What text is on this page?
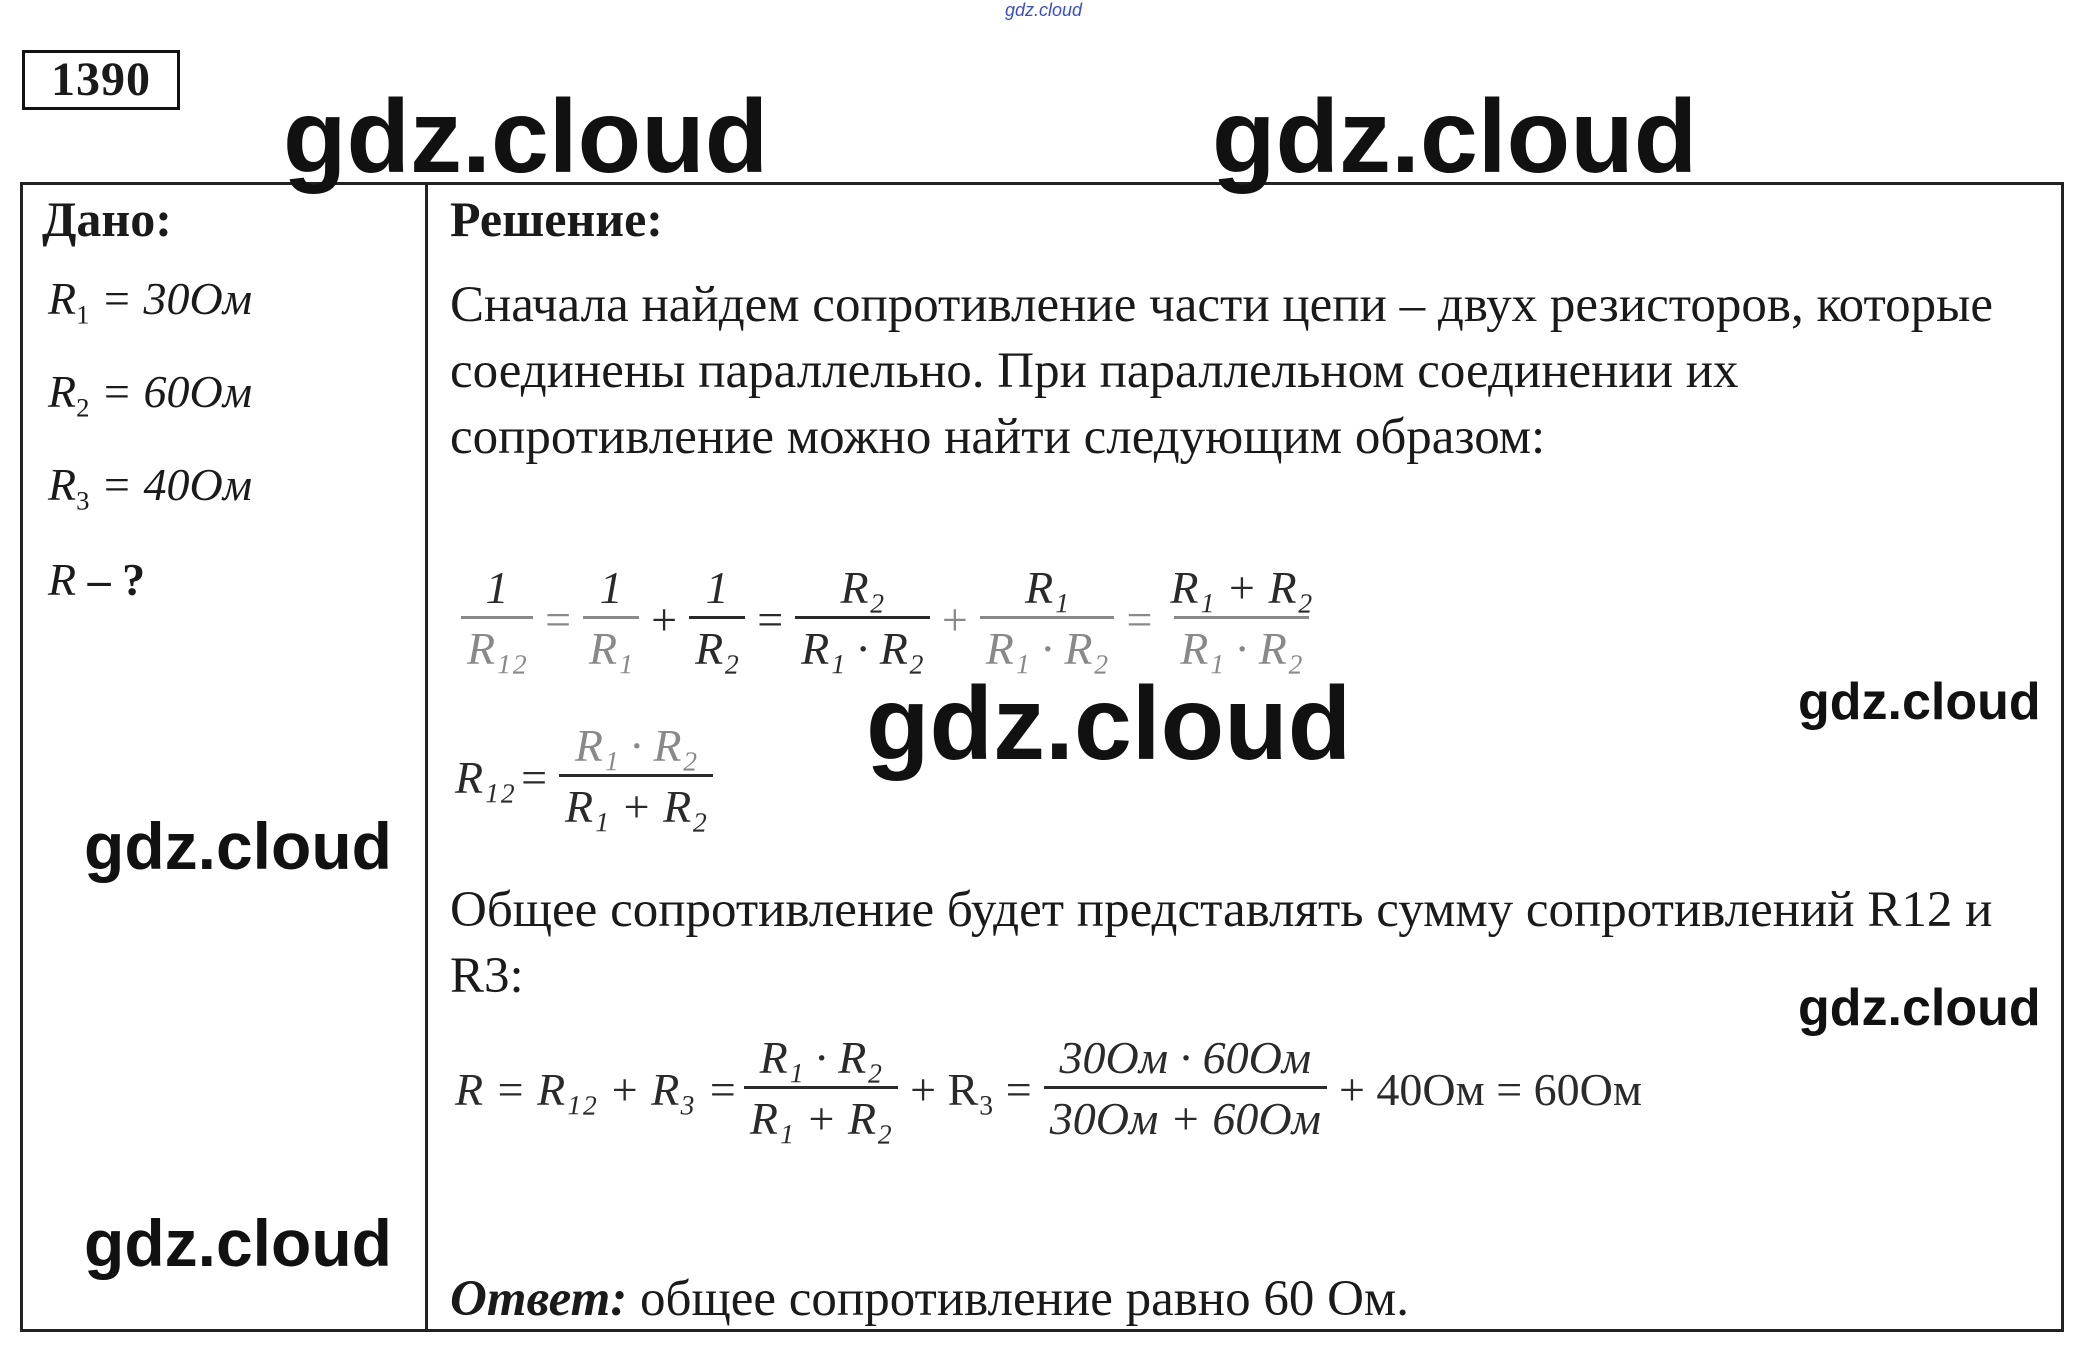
gdz.cloud
1390
Дано:
$R_1 = 30Ом$
$R_2 = 60Ом$
$R_3 = 40Ом$
R – ?
Решение:
Сначала найдем сопротивление части цепи – двух резисторов, которые соединены параллельно. При параллельном соединении их сопротивление можно найти следующим образом:
$\frac{1}{\text{R₁₂}} = \frac{1}{\text{R₁}} + \frac{1}{\text{R₂}} = \frac{\text{R₂}}{\text{R₁ · R₂}} + \frac{\text{R₁}}{\text{R₁ · R₂}} = \frac{\text{R₁ + R₂}}{\text{R₁ · R₂}}$
$R_{12} = \frac{\text{R₁ · R₂}}{\text{R₁ + R₂}}$
Общее сопротивление будет представлять сумму сопротивлений R12 и R3:
$R = R_{12} + R_3 = \frac{\text{R₁ · R₂}}{\text{R₁ + R₂}} + R_3 = \frac{30Ом \cdot 60Ом}{30Ом + 60Ом} + 40Ом = 60Ом$
Ответ: общее сопротивление равно 60 Ом.
gdz.cloud	gdz.cloud
gdz.cloud	gdz.cloud
gdz.cloud
gdz.cloud
gdz.cloud
